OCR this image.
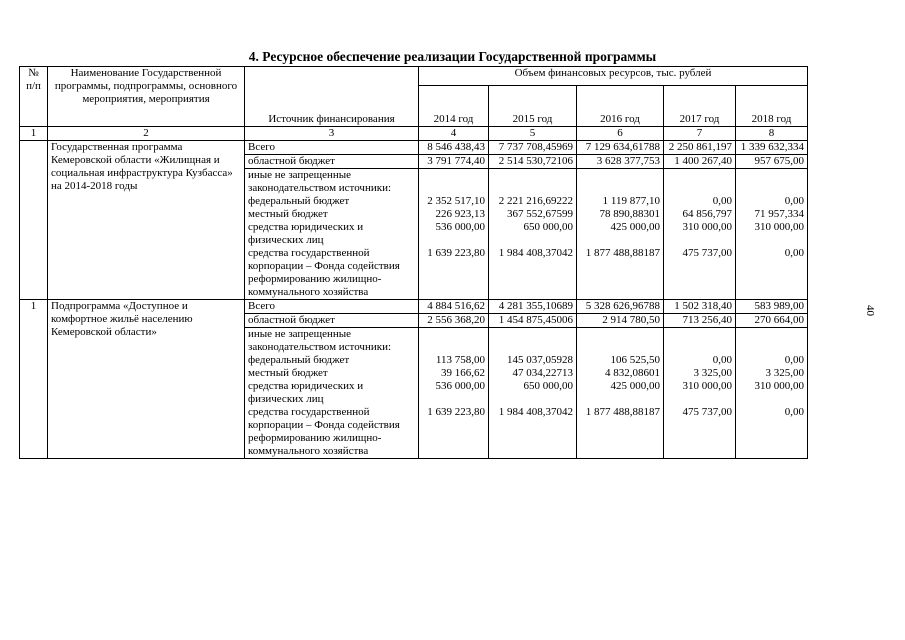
4. Ресурсное обеспечение реализации Государственной программы
№ п/п	Наименование Государственной программы, подпрограммы, основного мероприятия, мероприятия	Источник финансирования	Объем финансовых ресурсов, тыс. рублей				
			2014 год	2015 год	2016 год	2017 год	2018 год
1	2	3	4	5	6	7	8
	Государственная программа Кемеровской области «Жилищная и социальная инфраструктура Кузбасса» на 2014-2018 годы	Всего	8 546 438,43	7 737 708,45969	7 129 634,61788	2 250 861,197	1 339 632,334
		областной бюджет	3 791 774,40	2 514 530,72106	3 628 377,753	1 400 267,40	957 675,00
		иные не запрещенные законодательством источники:					
		федеральный бюджет	2 352 517,10	2 221 216,69222	1 119 877,10	0,00	0,00
		местный бюджет	226 923,13	367 552,67599	78 890,88301	64 856,797	71 957,334
		средства юридических и физических лиц	536 000,00	650 000,00	425 000,00	310 000,00	310 000,00
		средства государственной корпорации – Фонда содействия реформированию жилищно-коммунального хозяйства	1 639 223,80	1 984 408,37042	1 877 488,88187	475 737,00	0,00
1	Подпрограмма «Доступное и комфортное жильё населению Кемеровской области»	Всего	4 884 516,62	4 281 355,10689	5 328 626,96788	1 502 318,40	583 989,00
		областной бюджет	2 556 368,20	1 454 875,45006	2 914 780,50	713 256,40	270 664,00
		иные не запрещенные законодательством источники:					
		федеральный бюджет	113 758,00	145 037,05928	106 525,50	0,00	0,00
		местный бюджет	39 166,62	47 034,22713	4 832,08601	3 325,00	3 325,00
		средства юридических и физических лиц	536 000,00	650 000,00	425 000,00	310 000,00	310 000,00
		средства государственной корпорации – Фонда содействия реформированию жилищно-коммунального хозяйства	1 639 223,80	1 984 408,37042	1 877 488,88187	475 737,00	0,00
40
